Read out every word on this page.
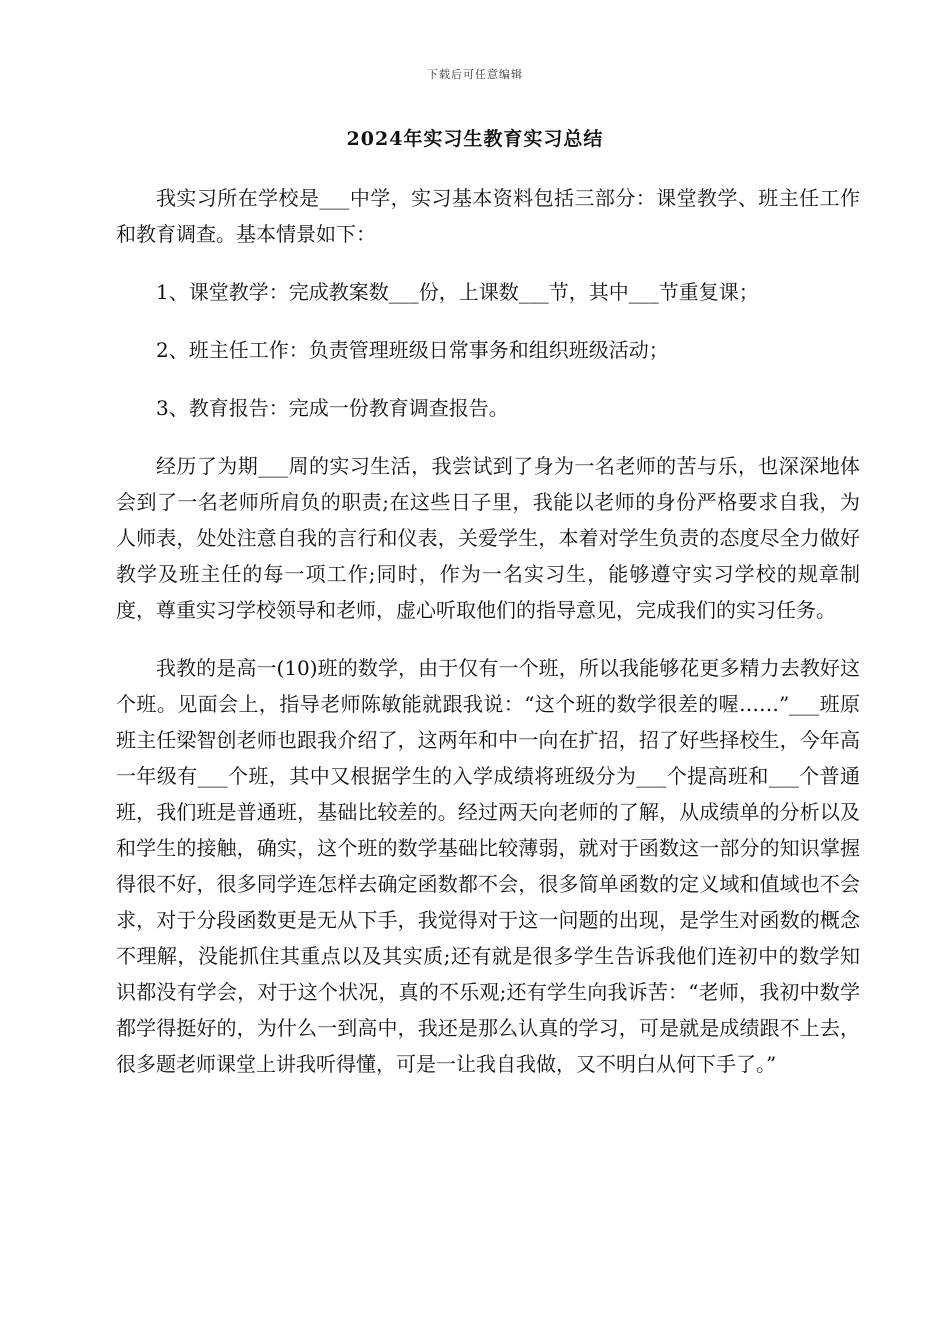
下载后可任意编辑
2024年实习生教育实习总结

我实习所在学校是___中学，实习基本资料包括三部分：课堂教学、班主任工作和教育调查。基本情景如下：

1、课堂教学：完成教案数___份，上课数___节，其中___节重复课；

2、班主任工作：负责管理班级日常事务和组织班级活动；

3、教育报告：完成一份教育调查报告。

经历了为期___周的实习生活，我尝试到了身为一名老师的苦与乐，也深深地体会到了一名老师所肩负的职责;在这些日子里，我能以老师的身份严格要求自我，为人师表，处处注意自我的言行和仪表，关爱学生，本着对学生负责的态度尽全力做好教学及班主任的每一项工作;同时，作为一名实习生，能够遵守实习学校的规章制度，尊重实习学校领导和老师，虚心听取他们的指导意见，完成我们的实习任务。

我教的是高一(10)班的数学，由于仅有一个班，所以我能够花更多精力去教好这个班。见面会上，指导老师陈敏能就跟我说：“这个班的数学很差的喔……”___班原班主任梁智创老师也跟我介绍了，这两年和中一向在扩招，招了好些择校生，今年高一年级有___个班，其中又根据学生的入学成绩将班级分为___个提高班和___个普通班，我们班是普通班，基础比较差的。经过两天向老师的了解，从成绩单的分析以及和学生的接触，确实，这个班的数学基础比较薄弱，就对于函数这一部分的知识掌握得很不好，很多同学连怎样去确定函数都不会，很多简单函数的定义域和值域也不会求，对于分段函数更是无从下手，我觉得对于这一问题的出现，是学生对函数的概念不理解，没能抓住其重点以及其实质;还有就是很多学生告诉我他们连初中的数学知识都没有学会，对于这个状况，真的不乐观;还有学生向我诉苦：“老师，我初中数学都学得挺好的，为什么一到高中，我还是那么认真的学习，可是就是成绩跟不上去，很多题老师课堂上讲我听得懂，可是一让我自我做，又不明白从何下手了。”
